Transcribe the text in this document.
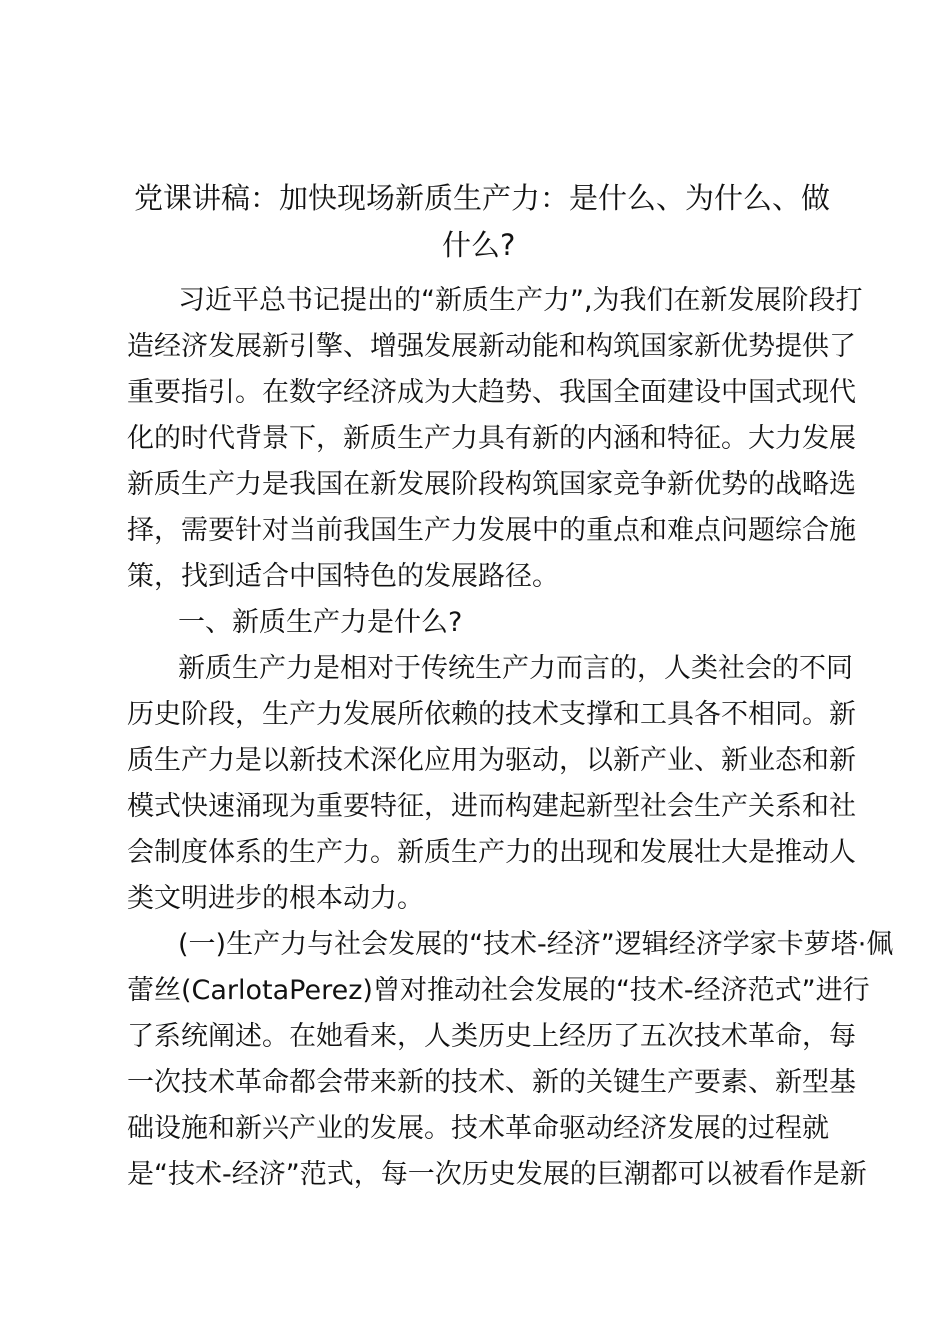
党课讲稿：加快现场新质生产力：是什么、为什么、做
什么?
习近平总书记提出的“新质生产力”,为我们在新发展阶段打
造经济发展新引擎、增强发展新动能和构筑国家新优势提供了
重要指引。在数字经济成为大趋势、我国全面建设中国式现代
化的时代背景下，新质生产力具有新的内涵和特征。大力发展
新质生产力是我国在新发展阶段构筑国家竞争新优势的战略选
择，需要针对当前我国生产力发展中的重点和难点问题综合施
策，找到适合中国特色的发展路径。
一、新质生产力是什么?
新质生产力是相对于传统生产力而言的，人类社会的不同
历史阶段，生产力发展所依赖的技术支撑和工具各不相同。新
质生产力是以新技术深化应用为驱动，以新产业、新业态和新
模式快速涌现为重要特征，进而构建起新型社会生产关系和社
会制度体系的生产力。新质生产力的出现和发展壮大是推动人
类文明进步的根本动力。
(一)生产力与社会发展的“技术-经济”逻辑经济学家卡萝塔·佩
蕾丝(CarlotaPerez)曾对推动社会发展的“技术-经济范式”进行
了系统阐述。在她看来，人类历史上经历了五次技术革命，每
一次技术革命都会带来新的技术、新的关键生产要素、新型基
础设施和新兴产业的发展。技术革命驱动经济发展的过程就
是“技术-经济”范式，每一次历史发展的巨潮都可以被看作是新
